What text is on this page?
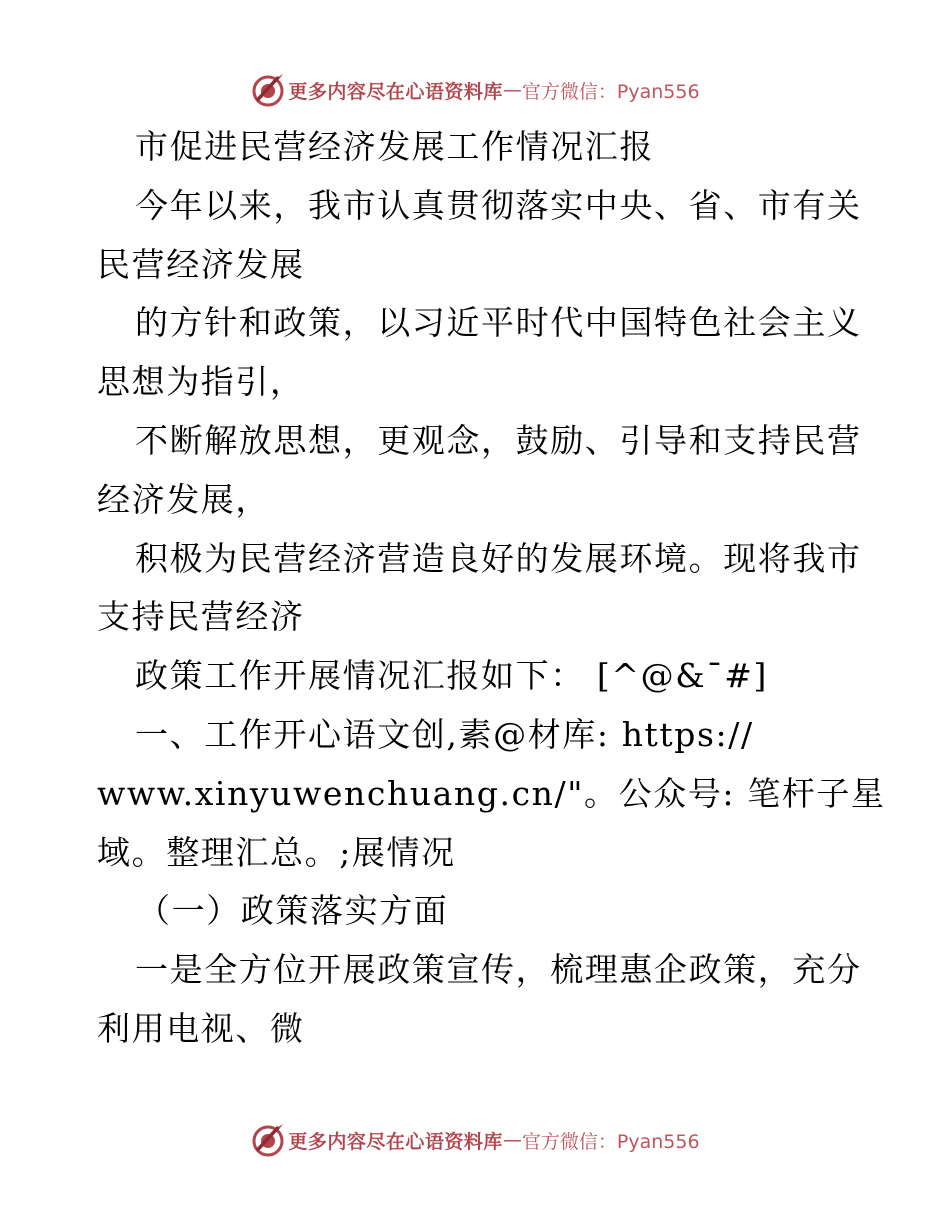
更多内容尽在心语资料库 — 官方微信：Pyan556
市促进民营经济发展工作情况汇报
今年以来，我市认真贯彻落实中央、省、市有关
民营经济发展
的方针和政策，以习近平时代中国特色社会主义
思想为指引，
不断解放思想，更观念，鼓励、引导和支持民营
经济发展，
积极为民营经济营造良好的发展环境。现将我市
支持民营经济
政策工作开展情况汇报如下： [^@&¯#]
一、工作开心语文创,素@材库: https://
www.xinyuwenchuang.cn/"。公众号: 笔杆子星
域。整理汇总。;展情况
（一）政策落实方面
一是全方位开展政策宣传，梳理惠企政策，充分
利用电视、微
更多内容尽在心语资料库 — 官方微信：Pyan556
